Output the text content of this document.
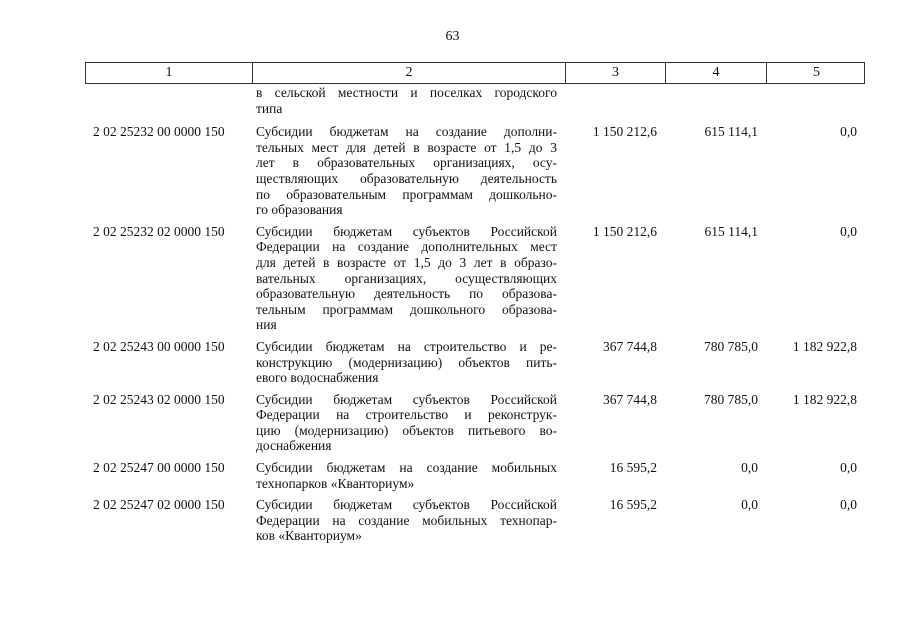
63
1	2	3	4	5
в сельской местности и поселках городского
типа
2 02 25232 00 0000 150	Субсидии бюджетам на создание дополни-
тельных мест для детей в возрасте от 1,5 до 3
лет в образовательных организациях, осу-
ществляющих образовательную деятельность
по образовательным программам дошкольно-
го образования
1 150 212,6	615 114,1	0,0
2 02 25232 02 0000 150	Субсидии бюджетам субъектов Российской
Федерации на создание дополнительных мест
для детей в возрасте от 1,5 до 3 лет в образо-
вательных организациях, осуществляющих
образовательную деятельность по образова-
тельным программам дошкольного образова-
ния
1 150 212,6	615 114,1	0,0
2 02 25243 00 0000 150	Субсидии бюджетам на строительство и ре-
конструкцию (модернизацию) объектов пить-
евого водоснабжения
367 744,8	780 785,0	1 182 922,8
2 02 25243 02 0000 150	Субсидии бюджетам субъектов Российской
Федерации на строительство и реконструк-
цию (модернизацию) объектов питьевого во-
доснабжения
367 744,8	780 785,0	1 182 922,8
2 02 25247 00 0000 150	Субсидии бюджетам на создание мобильных
технопарков «Кванториум»
16 595,2	0,0	0,0
2 02 25247 02 0000 150	Субсидии бюджетам субъектов Российской
Федерации на создание мобильных технопар-
ков «Кванториум»
16 595,2	0,0	0,0
